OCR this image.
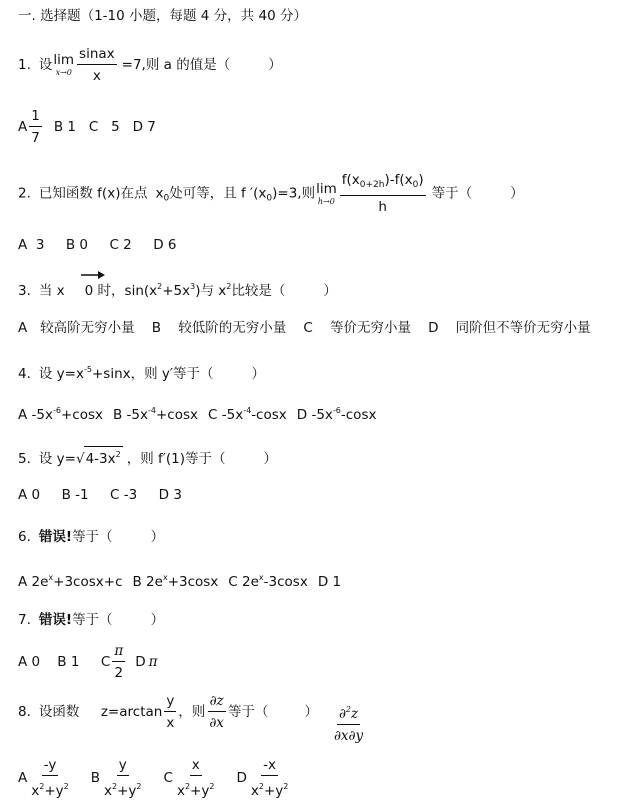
一. 选择题（1-10 小题，每题 4 分，共 40 分）
1. 设 lim
$x\to 0 \frac{\text{sinax}}{x} =7$,则 a 的值是（	）
A $\frac{1}{7}$ B 1   C   5   D 7
2. 已知函数 f(x)在点 $x_0$处可等，且 f $'(x_0)=3$,则 lim
$h\to 0 \frac{f(x_{0+2h})-f(x_0)}{h}$ 等于（	）
A  3     B 0     C 2     D 6
3. 当 x 0 时，$\sin(x^2+5x^3)$与 $x^2$比较是（	）
A   较高阶无穷小量    B    较低阶的无穷小量    C    等价无穷小量    D    同阶但不等价无穷小量
4. 设 $y=x^{-5}+\sin x$，则 y′等于（	）
A $-5x^{-6}+\cos x$ B $-5x^{-4}+\cos x$ C $-5x^{-4}$-cosx D $-5x^{-6}$-cosx
5. 设 $y=√4-3x^2$ ，则 f′(1)等于（	）
A 0     B -1     C -3     D 3
6. 错误!等于（	）
A $2e^x+3\cos x+c$ B $2e^x+3\cos x$ C $2e^x-3\cos x$ D 1
7. 错误!等于（	）
A 0    B 1     C $\frac{\pi}{2}$ D π
8. 设函数     $z=\arctan \frac{y}{x}$ ，则 $\frac{\partial z}{\partial x}$ 等于（	） $\frac{\partial^2z}{\partial x\partial y}$
A $\frac{-y}{x^2+y^2}$ B $\frac{y}{x^2+y^2}$ C $\frac{x}{x^2+y^2}$ D $\frac{-x}{x^2+y^2}$
